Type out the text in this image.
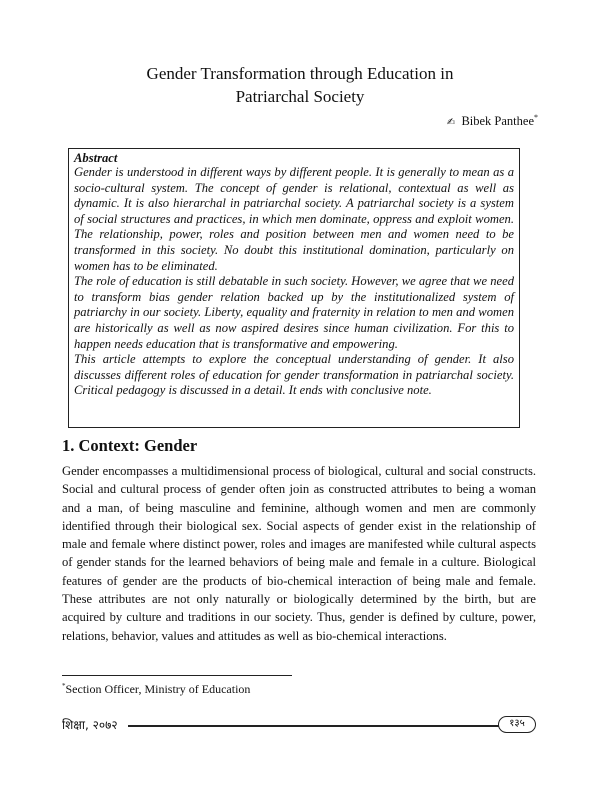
Gender Transformation through Education in
Patriarchal Society
✍ Bibek Panthee*
Abstract

Gender is understood in different ways by different people. It is generally to mean as a socio-cultural system. The concept of gender is relational, contextual as well as dynamic. It is also hierarchal in patriarchal society. A patriarchal society is a system of social structures and practices, in which men dominate, oppress and exploit women. The relationship, power, roles and position between men and women need to be transformed in this society. No doubt this institutional domination, particularly on women has to be eliminated.

The role of education is still debatable in such society. However, we agree that we need to transform bias gender relation backed up by the institutionalized system of patriarchy in our society. Liberty, equality and fraternity in relation to men and women are historically as well as now aspired desires since human civilization. For this to happen needs education that is transformative and empowering.

This article attempts to explore the conceptual understanding of gender. It also discusses different roles of education for gender transformation in patriarchal society. Critical pedagogy is discussed in a detail. It ends with conclusive note.

1. Context: Gender

Gender encompasses a multidimensional process of biological, cultural and social constructs. Social and cultural process of gender often join as constructed attributes to being a woman and a man, of being masculine and feminine, although women and men are commonly identified through their biological sex. Social aspects of gender exist in the relationship of male and female where distinct power, roles and images are manifested while cultural aspects of gender stands for the learned behaviors of being male and female in a culture. Biological features of gender are the products of bio-chemical interaction of being male and female. These attributes are not only naturally or biologically determined by the birth, but are acquired by culture and traditions in our society. Thus, gender is defined by culture, power, relations, behavior, values and attitudes as well as bio-chemical interactions.

*Section Officer, Ministry of Education
शिक्षा, २०७२	१३५
